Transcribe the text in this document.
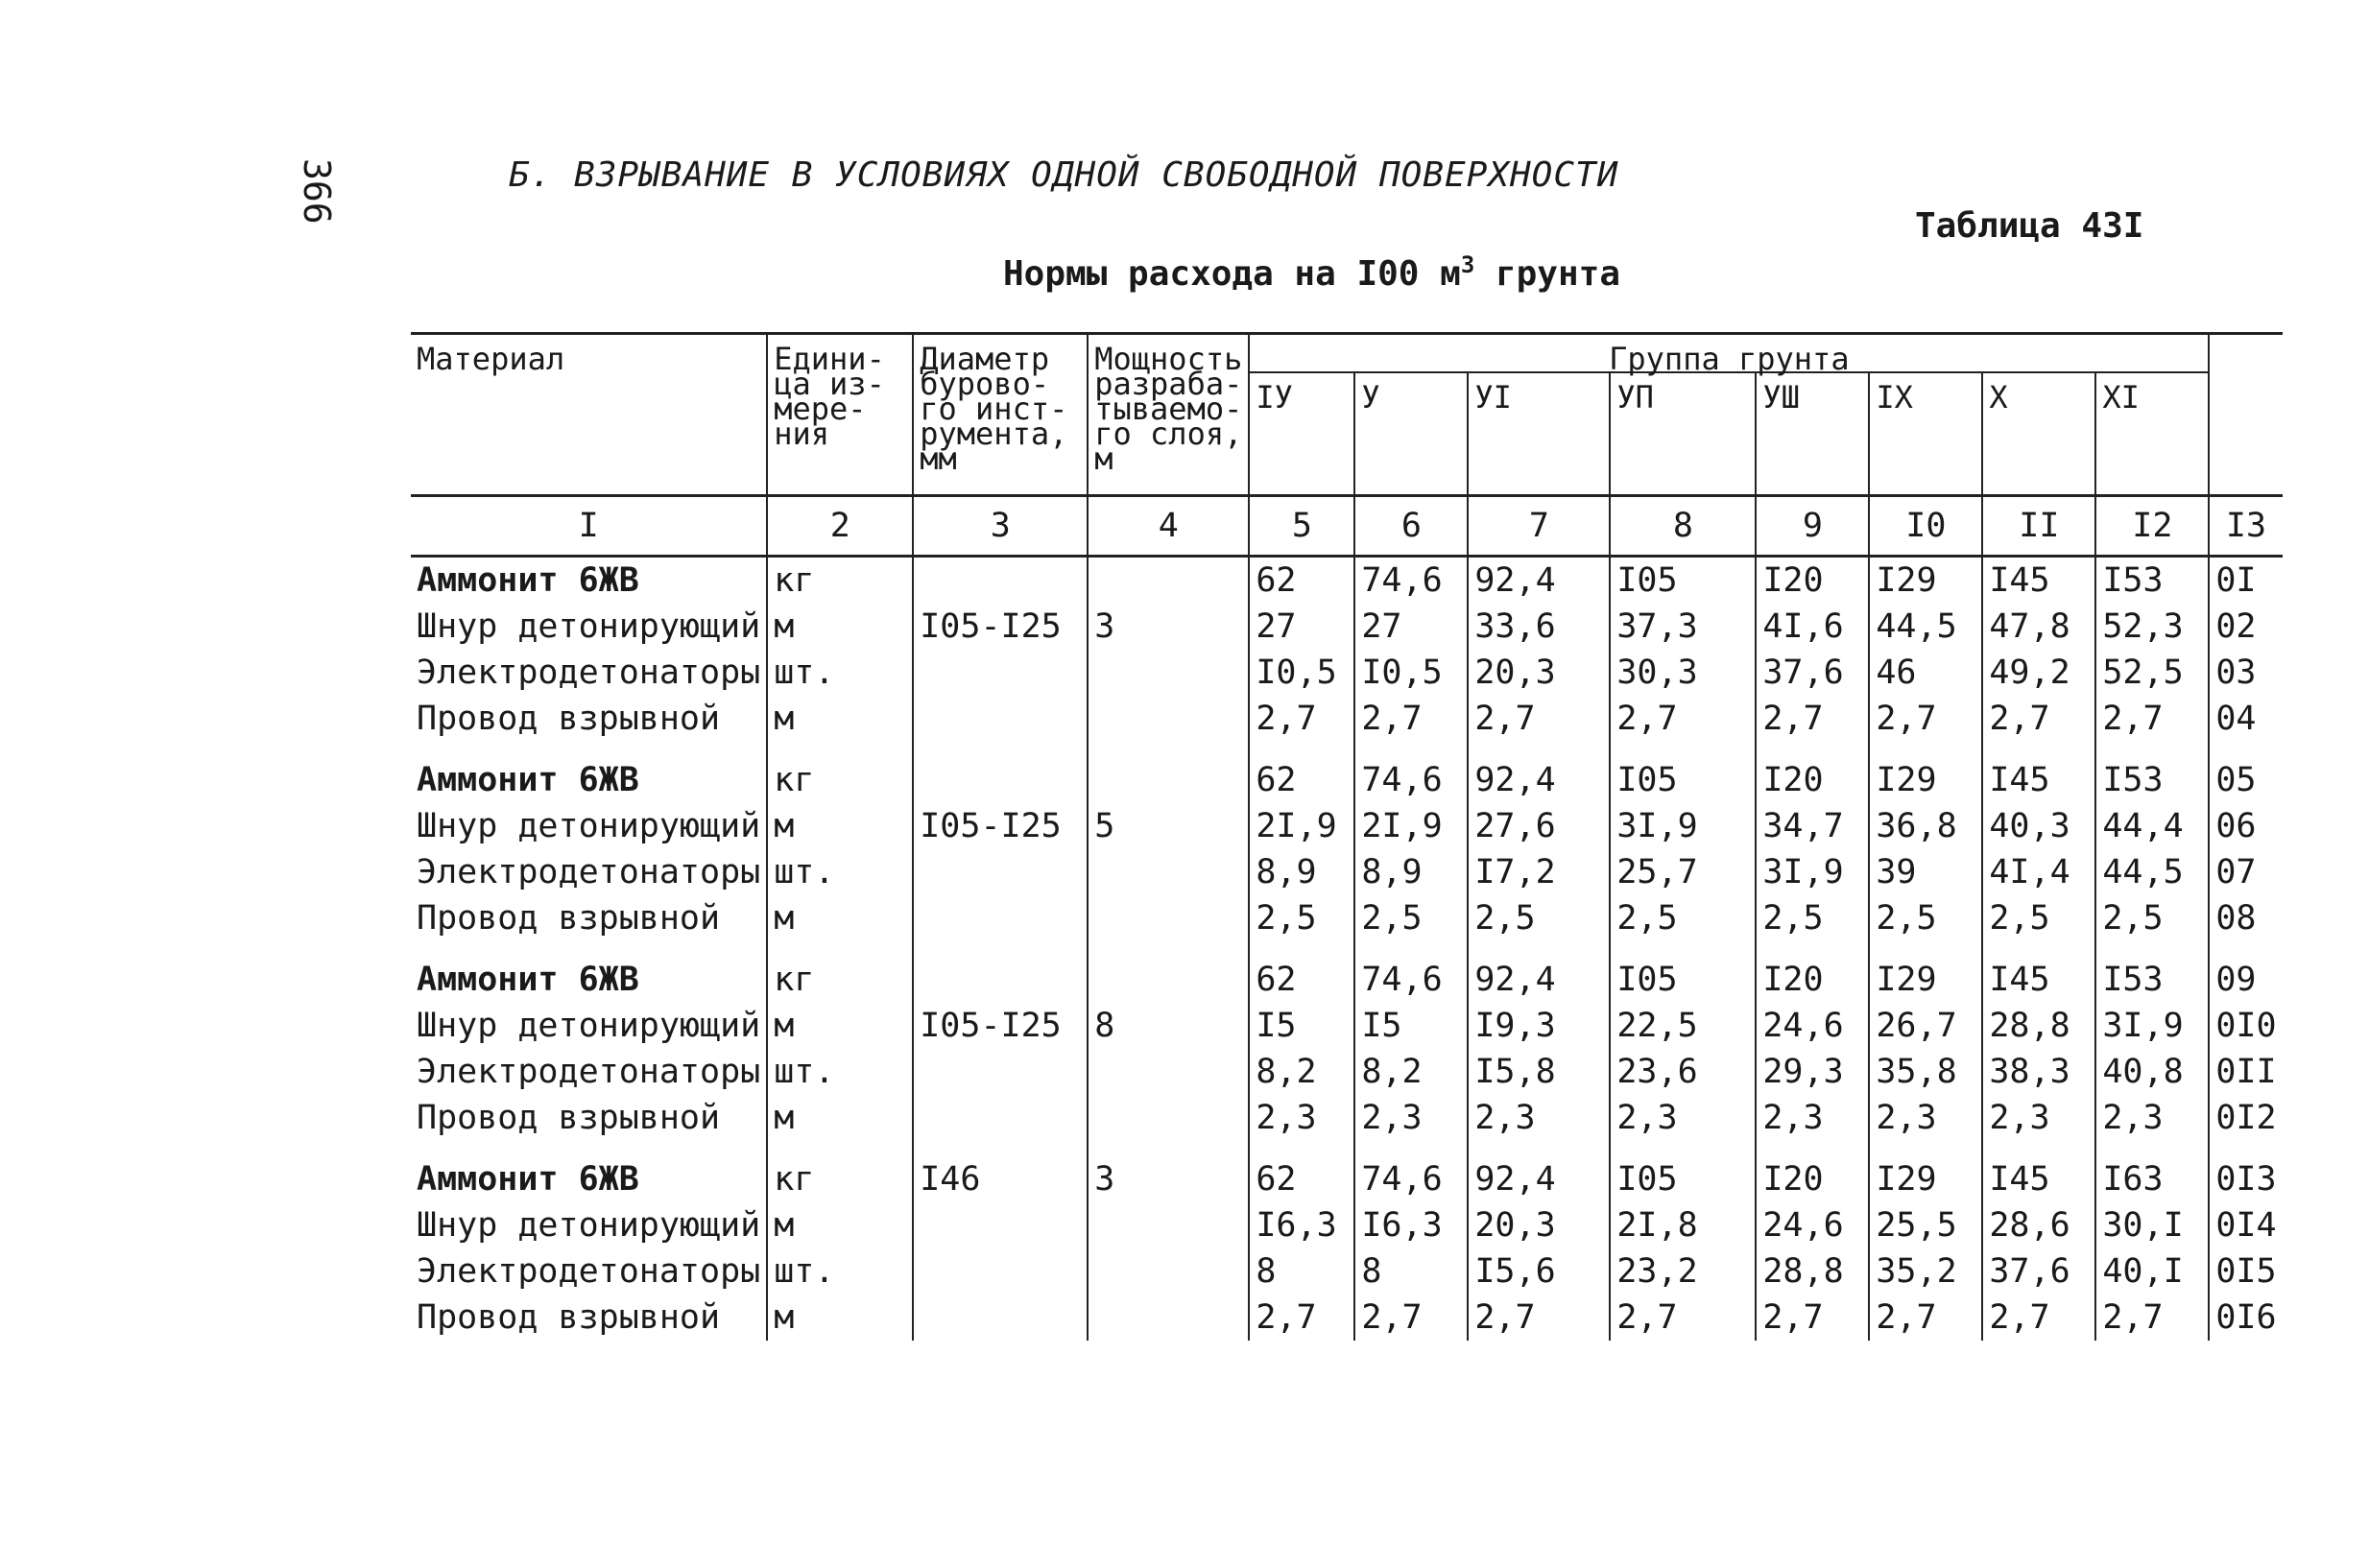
366	Б. ВЗРЫВАНИЕ В УСЛОВИЯХ ОДНОЙ СВОБОДНОЙ ПОВЕРХНОСТИ
Таблица 43I
Нормы расхода на I00 $м^3$ грунта
Материал	Едини-
ца из-
мере-
ния	Диаметр
бурово-
го инст-
румента,
мм	Мощность
разраба-
тываемо-
го слоя,
м	Группа грунта								
				IУ	У	УI	УП	УШ	IX	X	XI	
I	2	3	4	5	6	7	8	9	I0	II	I2	I3
Аммонит 6ЖВ	кг			62	74,6	92,4	I05	I20	I29	I45	I53	0I
Шнур детонирующий	м	I05-I25	3	27	27	33,6	37,3	4I,6	44,5	47,8	52,3	02
Электродетонаторы	шт.			I0,5	I0,5	20,3	30,3	37,6	46	49,2	52,5	03
Провод взрывной	м			2,7	2,7	2,7	2,7	2,7	2,7	2,7	2,7	04

Аммонит 6ЖВ	кг			62	74,6	92,4	I05	I20	I29	I45	I53	05
Шнур детонирующий	м	I05-I25	5	2I,9	2I,9	27,6	3I,9	34,7	36,8	40,3	44,4	06
Электродетонаторы	шт.			8,9	8,9	I7,2	25,7	3I,9	39	4I,4	44,5	07
Провод взрывной	м			2,5	2,5	2,5	2,5	2,5	2,5	2,5	2,5	08

Аммонит 6ЖВ	кг			62	74,6	92,4	I05	I20	I29	I45	I53	09
Шнур детонирующий	м	I05-I25	8	I5	I5	I9,3	22,5	24,6	26,7	28,8	3I,9	0I0
Электродетонаторы	шт.			8,2	8,2	I5,8	23,6	29,3	35,8	38,3	40,8	0II
Провод взрывной	м			2,3	2,3	2,3	2,3	2,3	2,3	2,3	2,3	0I2

Аммонит 6ЖВ	кг	I46	3	62	74,6	92,4	I05	I20	I29	I45	I63	0I3
Шнур детонирующий	м			I6,3	I6,3	20,3	2I,8	24,6	25,5	28,6	30,I	0I4
Электродетонаторы	шт.			8	8	I5,6	23,2	28,8	35,2	37,6	40,I	0I5
Провод взрывной	м			2,7	2,7	2,7	2,7	2,7	2,7	2,7	2,7	0I6
